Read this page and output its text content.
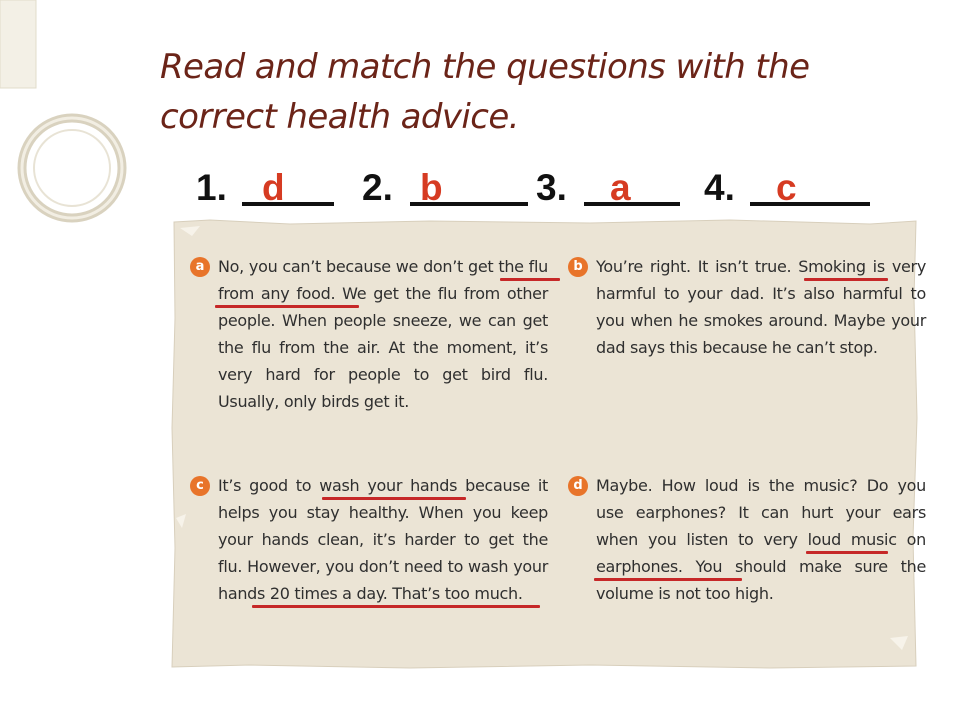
Read and match the questions with the correct health advice.
1. d 2. b	3. a 4. c
a No, you can’t because we don’t get the flu from any food. We get the flu from other people. When people sneeze, we can get the flu from the air. At the moment, it’s very hard for people to get bird flu. Usually, only birds get it.

b You’re right. It isn’t true. Smoking is very harmful to your dad. It’s also harmful to you when he smokes around. Maybe your dad says this because he can’t stop.

c It’s good to wash your hands because it helps you stay healthy. When you keep your hands clean, it’s harder to get the flu. However, you don’t need to wash your hands 20 times a day. That’s too much.

d Maybe. How loud is the music? Do you use earphones? It can hurt your ears when you listen to very loud music on earphones. You should make sure the volume is not too high.
